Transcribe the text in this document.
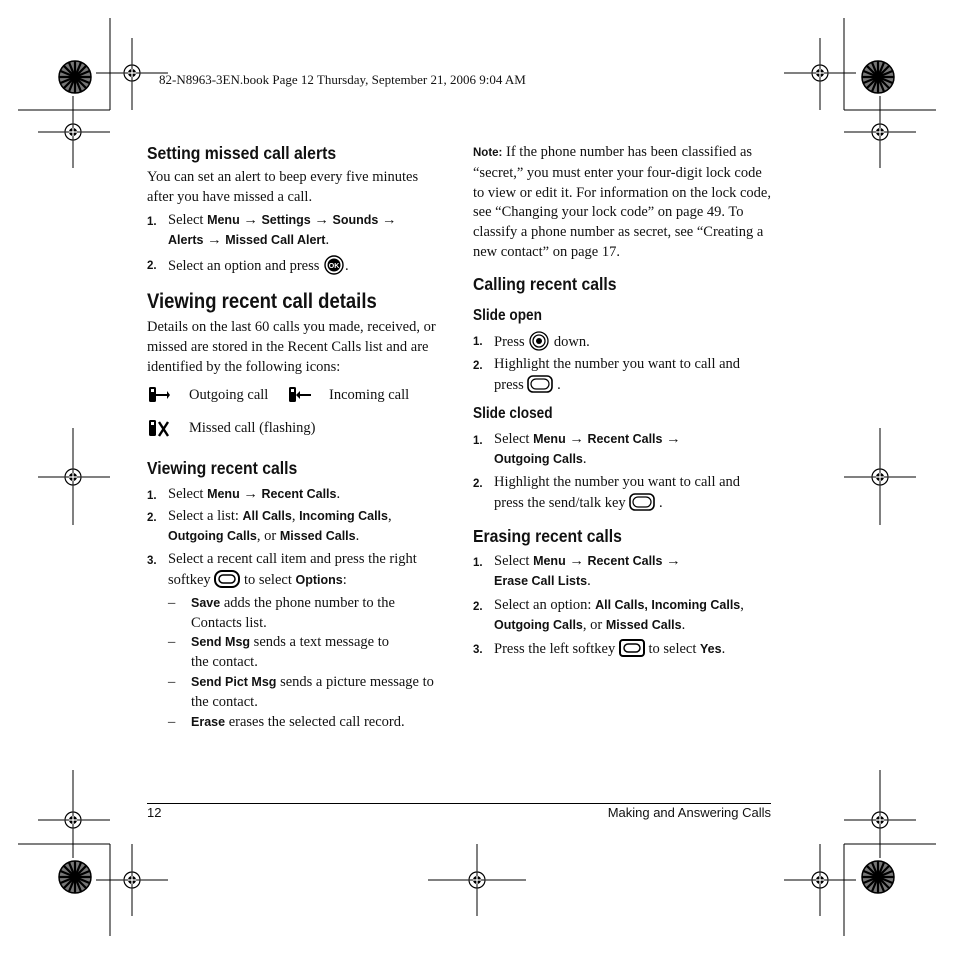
82-N8963-3EN.book Page 12 Thursday, September 21, 2006 9:04 AM
Setting missed call alerts
You can set an alert to beep every five minutes after you have missed a call.
1. Select Menu → Settings → Sounds →
Alerts → Missed Call Alert.
2. Select an option and press OK .
Viewing recent call details
Details on the last 60 calls you made, received, or missed are stored in the Recent Calls list and are identified by the following icons:
Outgoing call	Incoming call
Missed call (flashing)
Viewing recent calls
1. Select Menu → Recent Calls.
2. Select a list: All Calls, Incoming Calls,
Outgoing Calls, or Missed Calls.
3. Select a recent call item and press the right softkey  to select Options:
– Save adds the phone number to the Contacts list.
– Send Msg sends a text message to the contact.
– Send Pict Msg sends a picture message to the contact.
– Erase erases the selected call record.
Note: If the phone number has been classified as “secret,” you must enter your four-digit lock code to view or edit it. For information on the lock code, see “Changing your lock code” on page 49. To classify a phone number as secret, see “Creating a new contact” on page 17.
Calling recent calls
Slide open
1. Press  down.
2. Highlight the number you want to call and press  .
Slide closed
1. Select Menu → Recent Calls →
Outgoing Calls.
2. Highlight the number you want to call and press the send/talk key  .
Erasing recent calls
1. Select Menu → Recent Calls →
Erase Call Lists.
2. Select an option: All Calls, Incoming Calls,
Outgoing Calls, or Missed Calls.
3. Press the left softkey  to select Yes.
12	Making and Answering Calls
